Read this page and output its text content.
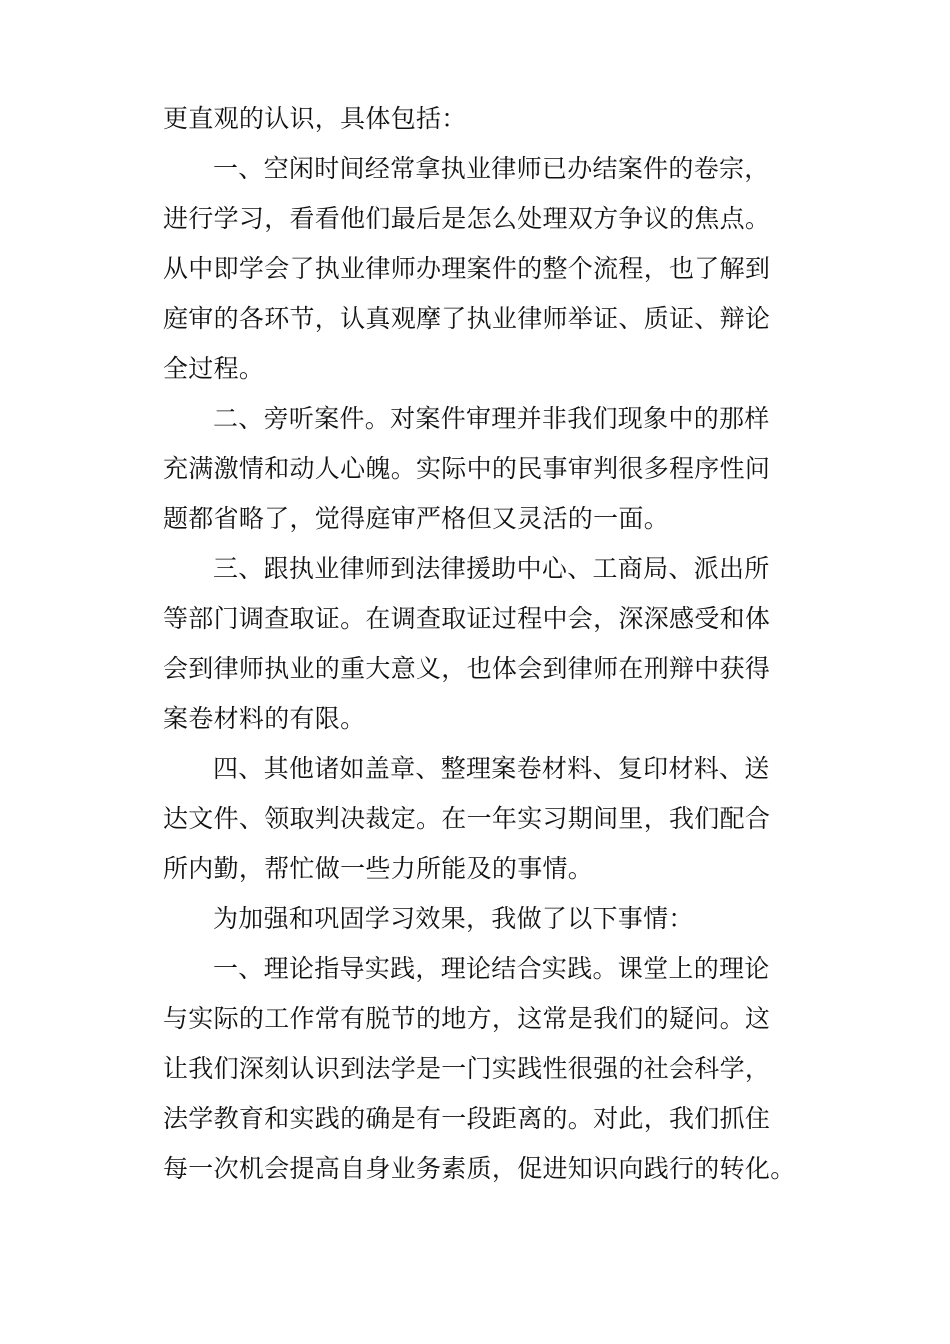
更直观的认识，具体包括：
一、空闲时间经常拿执业律师已办结案件的卷宗，
进行学习，看看他们最后是怎么处理双方争议的焦点。
从中即学会了执业律师办理案件的整个流程，也了解到
庭审的各环节，认真观摩了执业律师举证、质证、辩论
全过程。
二、旁听案件。对案件审理并非我们现象中的那样
充满激情和动人心魄。实际中的民事审判很多程序性问
题都省略了，觉得庭审严格但又灵活的一面。
三、跟执业律师到法律援助中心、工商局、派出所
等部门调查取证。在调查取证过程中会，深深感受和体
会到律师执业的重大意义，也体会到律师在刑辩中获得
案卷材料的有限。
四、其他诸如盖章、整理案卷材料、复印材料、送
达文件、领取判决裁定。在一年实习期间里，我们配合
所内勤，帮忙做一些力所能及的事情。
为加强和巩固学习效果，我做了以下事情：
一、理论指导实践，理论结合实践。课堂上的理论
与实际的工作常有脱节的地方，这常是我们的疑问。这
让我们深刻认识到法学是一门实践性很强的社会科学，
法学教育和实践的确是有一段距离的。对此，我们抓住
每一次机会提高自身业务素质，促进知识向践行的转化。
